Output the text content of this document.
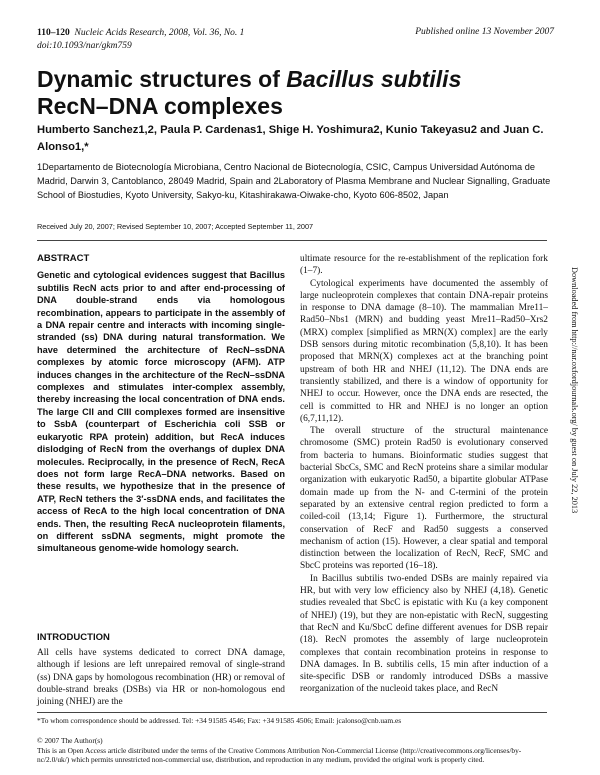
110–120 Nucleic Acids Research, 2008, Vol. 36, No. 1
doi:10.1093/nar/gkm759
Published online 13 November 2007
Dynamic structures of Bacillus subtilis
RecN–DNA complexes
Humberto Sanchez1,2, Paula P. Cardenas1, Shige H. Yoshimura2, Kunio Takeyasu2 and Juan C. Alonso1,*
1Departamento de Biotecnología Microbiana, Centro Nacional de Biotecnología, CSIC, Campus Universidad Autónoma de Madrid, Darwin 3, Cantoblanco, 28049 Madrid, Spain and 2Laboratory of Plasma Membrane and Nuclear Signalling, Graduate School of Biostudies, Kyoto University, Sakyo-ku, Kitashirakawa-Oiwake-cho, Kyoto 606-8502, Japan
Received July 20, 2007; Revised September 10, 2007; Accepted September 11, 2007
ABSTRACT
Genetic and cytological evidences suggest that Bacillus subtilis RecN acts prior to and after end-processing of DNA double-strand ends via homologous recombination, appears to participate in the assembly of a DNA repair centre and interacts with incoming single-stranded (ss) DNA during natural transformation. We have determined the architecture of RecN–ssDNA complexes by atomic force microscopy (AFM). ATP induces changes in the architecture of the RecN–ssDNA complexes and stimulates inter-complex assembly, thereby increasing the local concentration of DNA ends. The large CII and CIII complexes formed are insensitive to SsbA (counterpart of Escherichia coli SSB or eukaryotic RPA protein) addition, but RecA induces dislodging of RecN from the overhangs of duplex DNA molecules. Reciprocally, in the presence of RecN, RecA does not form large RecA–DNA networks. Based on these results, we hypothesize that in the presence of ATP, RecN tethers the 3′-ssDNA ends, and facilitates the access of RecA to the high local concentration of DNA ends. Then, the resulting RecA nucleoprotein filaments, on different ssDNA segments, might promote the simultaneous genome-wide homology search.
INTRODUCTION

All cells have systems dedicated to correct DNA damage, although if lesions are left unrepaired removal of single-strand (ss) DNA gaps by homologous recombination (HR) or removal of double-strand breaks (DSBs) via HR or non-homologous end joining (NHEJ) are the

ultimate resource for the re-establishment of the replication fork (1–7).

Cytological experiments have documented the assembly of large nucleoprotein complexes that contain DNA-repair proteins in response to DNA damage (8–10). The mammalian Mre11–Rad50–Nbs1 (MRN) and budding yeast Mre11–Rad50–Xrs2 (MRX) complex [simplified as MRN(X) complex] are the early DSB sensors during mitotic recombination (5,8,10). It has been proposed that MRN(X) complexes act at the branching point upstream of both HR and NHEJ (11,12). The DNA ends are transiently stabilized, and there is a window of opportunity for NHEJ to occur. However, once the DNA ends are resected, the cell is committed to HR and NHEJ is no longer an option (6,7,11,12).

The overall structure of the structural maintenance chromosome (SMC) protein Rad50 is evolutionary conserved from bacteria to humans. Bioinformatic studies suggest that bacterial SbcCs, SMC and RecN proteins share a similar modular organization with eukaryotic Rad50, a bipartite globular ATPase domain made up from the N- and C-termini of the protein separated by an extensive central region predicted to form a coiled-coil (13,14; Figure 1). Furthermore, the structural conservation of RecF and Rad50 suggests a conserved mechanism of action (15). However, a clear spatial and temporal distinction between the localization of RecN, RecF, SMC and SbcC proteins was reported (16–18).

In Bacillus subtilis two-ended DSBs are mainly repaired via HR, but with very low efficiency also by NHEJ (4,18). Genetic studies revealed that SbcC is epistatic with Ku (a key component of NHEJ) (19), but they are non-epistatic with RecN, suggesting that RecN and Ku/SbcC define different avenues for DSB repair (18). RecN promotes the assembly of large nucleoprotein complexes that contain recombination proteins in response to DNA damages. In B. subtilis cells, 15 min after induction of a site-specific DSB or randomly introduced DSBs a massive reorganization of the nucleoid takes place, and RecN

*To whom correspondence should be addressed. Tel: +34 91585 4546; Fax: +34 91585 4506; Email: jcalonso@cnb.uam.es
© 2007 The Author(s)
This is an Open Access article distributed under the terms of the Creative Commons Attribution Non-Commercial License (http://creativecommons.org/licenses/by-nc/2.0/uk/) which permits unrestricted non-commercial use, distribution, and reproduction in any medium, provided the original work is properly cited.
Downloaded from http://nar.oxfordjournals.org/ by guest on July 22, 2013
